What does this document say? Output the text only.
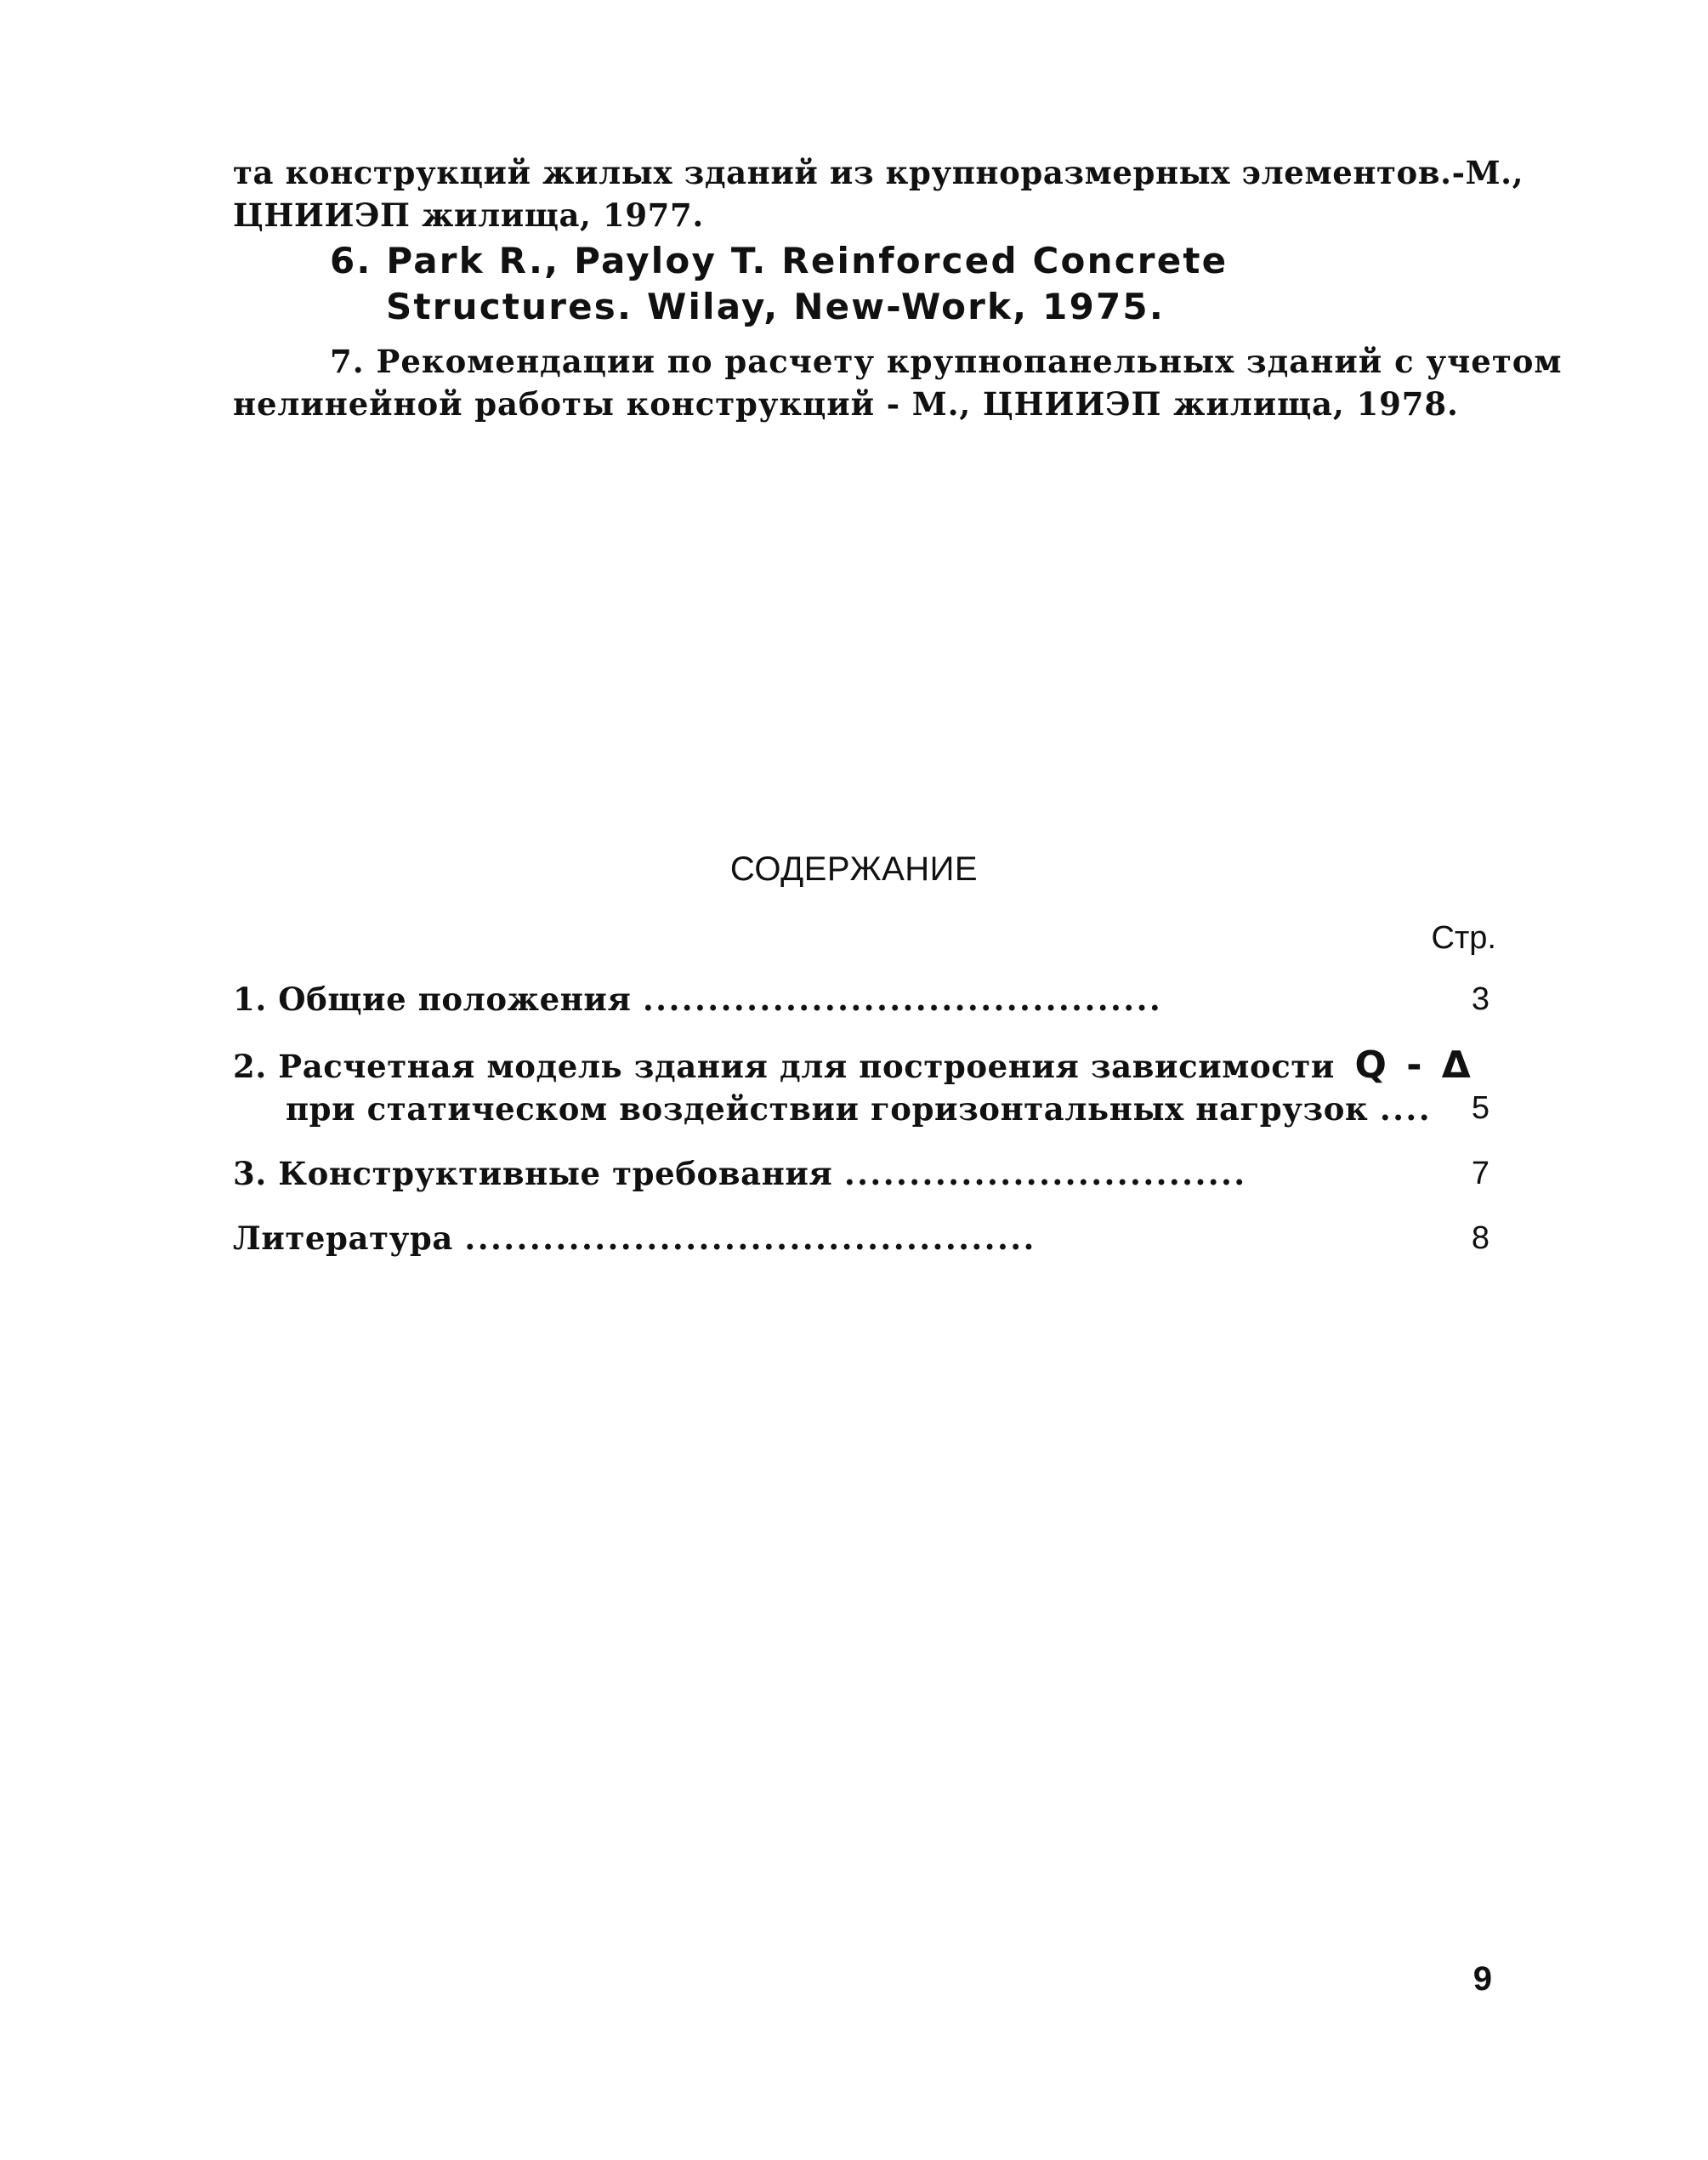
та конструкций жилых зданий из крупноразмерных элементов.- М.,
ЦНИИЭП жилища, 1977.
6. Park R., Payloy T. Reinforced Concrete
Structures. Wilay, New-Work, 1975.
7. Рекомендации по расчету крупнопанельных зданий с учетом
нелинейной работы конструкций - М., ЦНИИЭП жилища, 1978.
СОДЕРЖАНИЕ
Стр.
1. Общие положения ........................................	3
2. Расчетная модель здания для построения зависимости Q - Δ
при статическом воздействии горизонтальных нагрузок ....	5
3. Конструктивные требования ...............................	7
Литература ............................................	8
9
